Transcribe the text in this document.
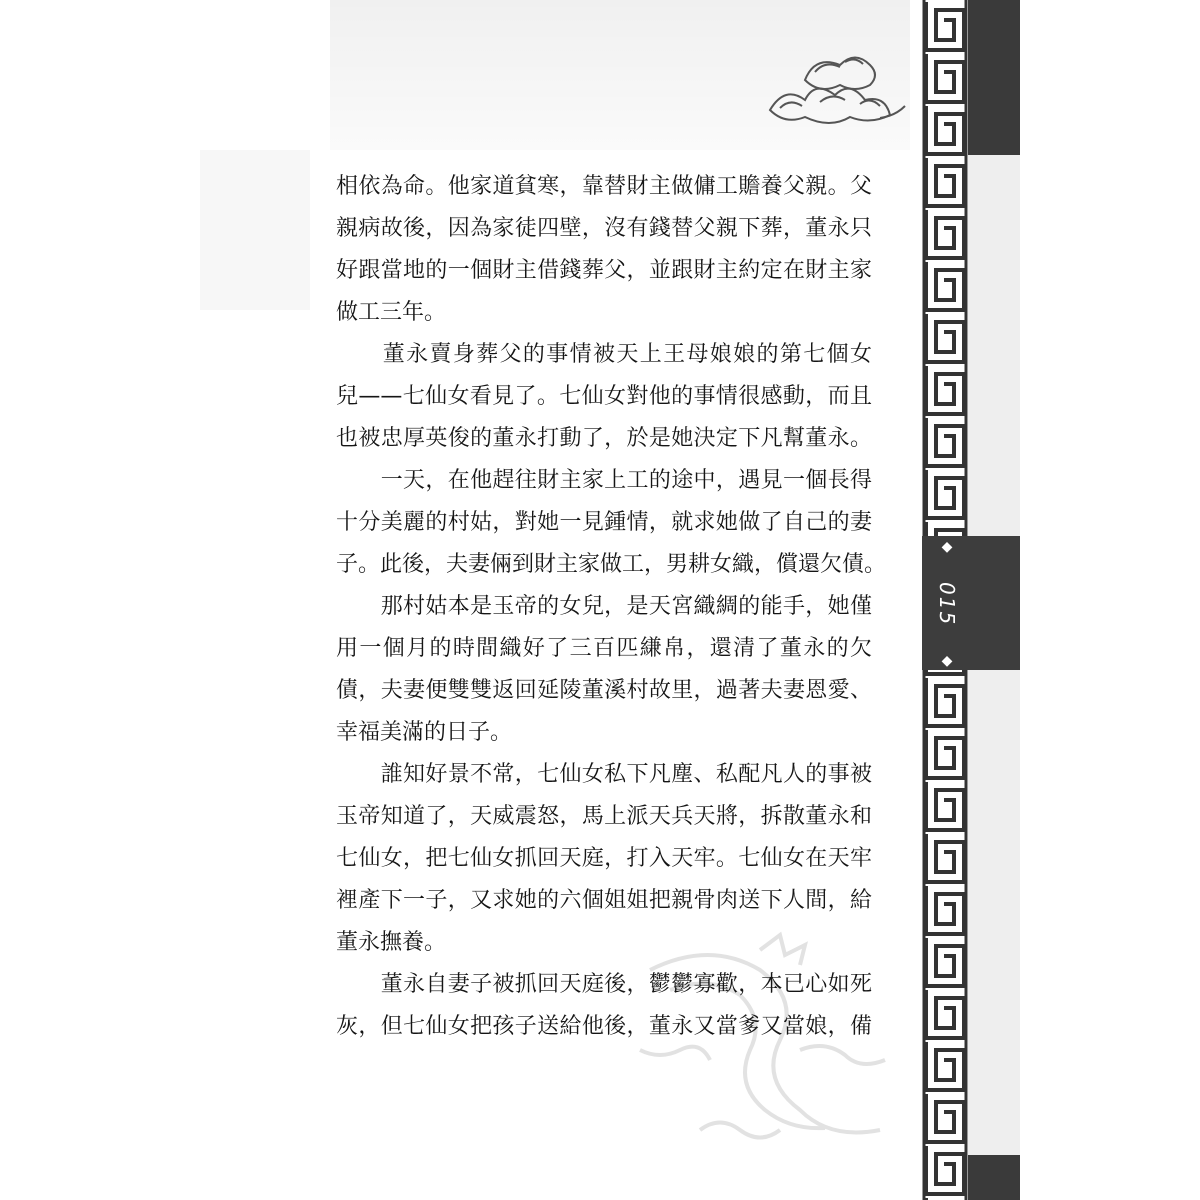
相依為命。他家道貧寒，靠替財主做傭工贍養父親。父
親病故後，因為家徒四壁，沒有錢替父親下葬，董永只
好跟當地的一個財主借錢葬父，並跟財主約定在財主家
做工三年。
　　董永賣身葬父的事情被天上王母娘娘的第七個女
兒——七仙女看見了。七仙女對他的事情很感動，而且
也被忠厚英俊的董永打動了，於是她決定下凡幫董永。
　　一天，在他趕往財主家上工的途中，遇見一個長得
十分美麗的村姑，對她一見鍾情，就求她做了自己的妻
子。此後，夫妻倆到財主家做工，男耕女織，償還欠債。
　　那村姑本是玉帝的女兒，是天宮織綢的能手，她僅
用一個月的時間織好了三百匹縑帛，還清了董永的欠
債，夫妻便雙雙返回延陵董溪村故里，過著夫妻恩愛、
幸福美滿的日子。
　　誰知好景不常，七仙女私下凡塵、私配凡人的事被
玉帝知道了，天威震怒，馬上派天兵天將，拆散董永和
七仙女，把七仙女抓回天庭，打入天牢。七仙女在天牢
裡產下一子，又求她的六個姐姐把親骨肉送下人間，給
董永撫養。
　　董永自妻子被抓回天庭後，鬱鬱寡歡，本已心如死
灰，但七仙女把孩子送給他後，董永又當爹又當娘，備
◆
015
◆
